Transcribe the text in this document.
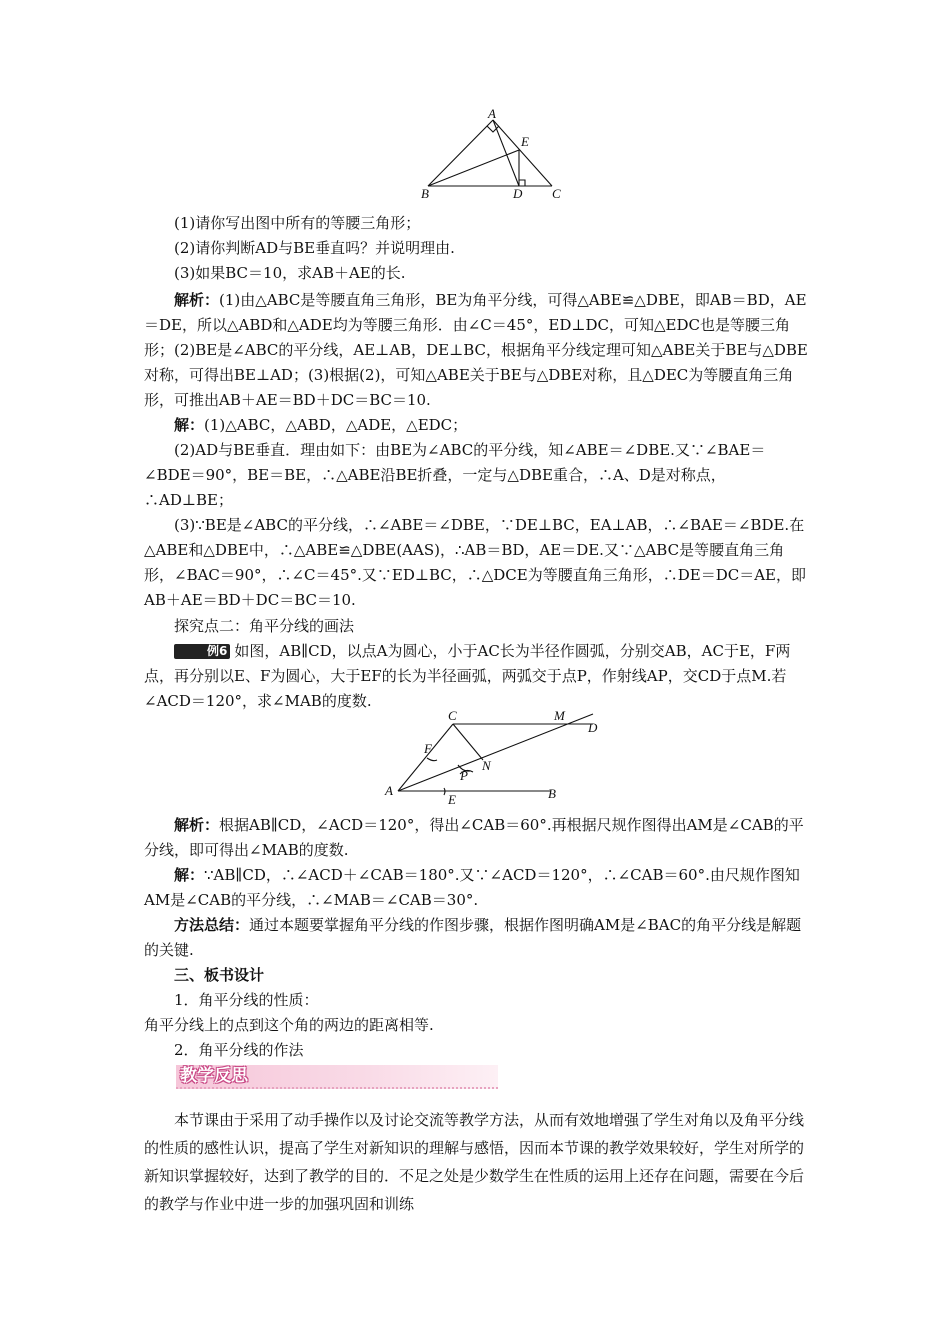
A
E
B	D C

(1)请你写出图中所有的等腰三角形；

(2)请你判断AD与BE垂直吗？并说明理由.

(3)如果BC＝10，求AB＋AE的长.

解析：(1)由△ABC是等腰直角三角形，BE为角平分线，可得△ABE≌△DBE，即AB＝BD，AE＝DE，所以△ABD和△ADE均为等腰三角形．由∠C＝45°，ED⊥DC，可知△EDC也是等腰三角形；(2)BE是∠ABC的平分线，AE⊥AB，DE⊥BC，根据角平分线定理可知△ABE关于BE与△DBE对称，可得出BE⊥AD；(3)根据(2)，可知△ABE关于BE与△DBE对称，且△DEC为等腰直角三角形，可推出AB＋AE＝BD＋DC＝BC＝10.

解：(1)△ABC，△ABD，△ADE，△EDC；

(2)AD与BE垂直．理由如下：由BE为∠ABC的平分线，知∠ABE＝∠DBE.又∵∠BAE＝∠BDE＝90°，BE＝BE，∴△ABE沿BE折叠，一定与△DBE重合，∴A、D是对称点，∴AD⊥BE；

(3)∵BE是∠ABC的平分线，∴∠ABE＝∠DBE，∵DE⊥BC，EA⊥AB，∴∠BAE＝∠BDE.在△ABE和△DBE中，∴△ABE≌△DBE(AAS)，∴AB＝BD，AE＝DE.又∵△ABC是等腰直角三角形，∠BAC＝90°，∴∠C＝45°.又∵ED⊥BC，∴△DCE为等腰直角三角形，∴DE＝DC＝AE，即AB＋AE＝BD＋DC＝BC＝10.

探究点二：角平分线的画法

例6 如图，AB∥CD，以点A为圆心，小于AC长为半径作圆弧，分别交AB，AC于E，F两点，再分别以E、F为圆心，大于EF的长为半径画弧，两弧交于点P，作射线AP，交CD于点M.若∠ACD＝120°，求∠MAB的度数.

C	M
D
F
N
P
A
E	B

解析：根据AB∥CD，∠ACD＝120°，得出∠CAB＝60°.再根据尺规作图得出AM是∠CAB的平分线，即可得出∠MAB的度数.

解：∵AB∥CD，∴∠ACD＋∠CAB＝180°.又∵∠ACD＝120°，∴∠CAB＝60°.由尺规作图知AM是∠CAB的平分线，∴∠MAB＝∠CAB＝30°.

方法总结：通过本题要掌握角平分线的作图步骤，根据作图明确AM是∠BAC的角平分线是解题的关键.

三、板书设计

1．角平分线的性质：

角平分线上的点到这个角的两边的距离相等.

2．角平分线的作法

教学反思

本节课由于采用了动手操作以及讨论交流等教学方法，从而有效地增强了学生对角以及角平分线的性质的感性认识，提高了学生对新知识的理解与感悟，因而本节课的教学效果较好，学生对所学的新知识掌握较好，达到了教学的目的．不足之处是少数学生在性质的运用上还存在问题，需要在今后的教学与作业中进一步的加强巩固和训练
